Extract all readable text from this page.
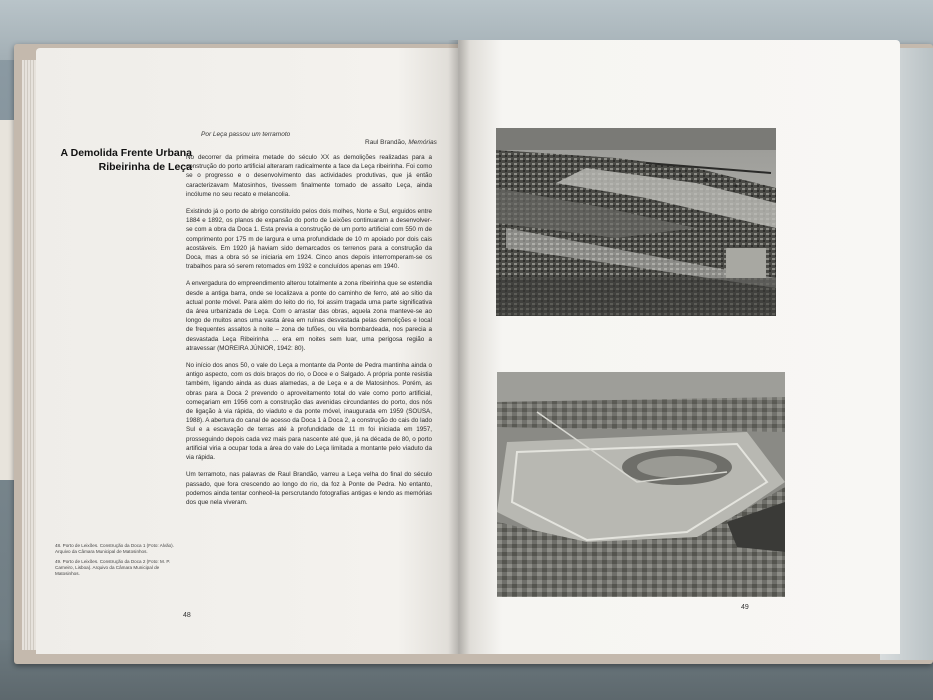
A Demolida Frente Urbana
Ribeirinha de Leça
Por Leça passou um terramoto
Raul Brandão, Memórias

No decorrer da primeira metade do século XX as demolições realizadas para a construção do porto artificial alteraram radicalmente a face da Leça ribeirinha. Foi como se o progresso e o desenvolvimento das actividades produtivas, que já então caracterizavam Matosinhos, tivessem finalmente tomado de assalto Leça, ainda incólume no seu recato e melancolia.

Existindo já o porto de abrigo constituído pelos dois molhes, Norte e Sul, erguidos entre 1884 e 1892, os planos de expansão do porto de Leixões continuaram a desenvolver-se com a obra da Doca 1. Esta previa a construção de um porto artificial com 550 m de comprimento por 175 m de largura e uma profundidade de 10 m apoiado por dois cais acostáveis. Em 1920 já haviam sido demarcados os terrenos para a construção da Doca, mas a obra só se iniciaria em 1924. Cinco anos depois interromperam-se os trabalhos para só serem retomados em 1932 e concluídos apenas em 1940.

A envergadura do empreendimento alterou totalmente a zona ribeirinha que se estendia desde a antiga barra, onde se localizava a ponte do caminho de ferro, até ao sítio da actual ponte móvel. Para além do leito do rio, foi assim tragada uma parte significativa da área urbanizada de Leça. Com o arrastar das obras, aquela zona manteve-se ao longo de muitos anos uma vasta área em ruínas desvastada pelas demolições e local de frequentes assaltos à noite – zona de tufões, ou vila bombardeada, nos parecia a desvastada Leça Ribeirinha ... era em noites sem luar, uma perigosa região a atravessar (MOREIRA JÚNIOR, 1942: 80).

No início dos anos 50, o vale do Leça a montante da Ponte de Pedra mantinha ainda o antigo aspecto, com os dois braços do rio, o Doce e o Salgado. A própria ponte resistia também, ligando ainda as duas alamedas, a de Leça e a de Matosinhos. Porém, as obras para a Doca 2 prevendo o aproveitamento total do vale como porto artificial, começariam em 1956 com a construção das avenidas circundantes do porto, dos nós de ligação à via rápida, do viaduto e da ponte móvel, inaugurada em 1959 (SOUSA, 1988). A abertura do canal de acesso da Doca 1 à Doca 2, a construção do cais do lado Sul e a escavação de terras até à profundidade de 11 m foi iniciada em 1957, prosseguindo depois cada vez mais para nascente até que, já na década de 80, o porto artificial viria a ocupar toda a área do vale do Leça limitada a montante pelo viaduto da via rápida.

Um terramoto, nas palavras de Raul Brandão, varreu a Leça velha do final do século passado, que fora crescendo ao longo do rio, da foz à Ponte de Pedra. No entanto, podemos ainda tentar conhecê-la perscrutando fotografias antigas e lendo as memórias dos que nela viveram.

48. Porto de Leixões. Construção da Doca 1 (Foto: Alvão). Arquivo da Câmara Municipal de Matosinhos.

49. Porto de Leixões. Construção da Doca 2 (Foto: M. P. Carneiro, Lisboa). Arquivo da Câmara Municipal de Matosinhos.

48
49
